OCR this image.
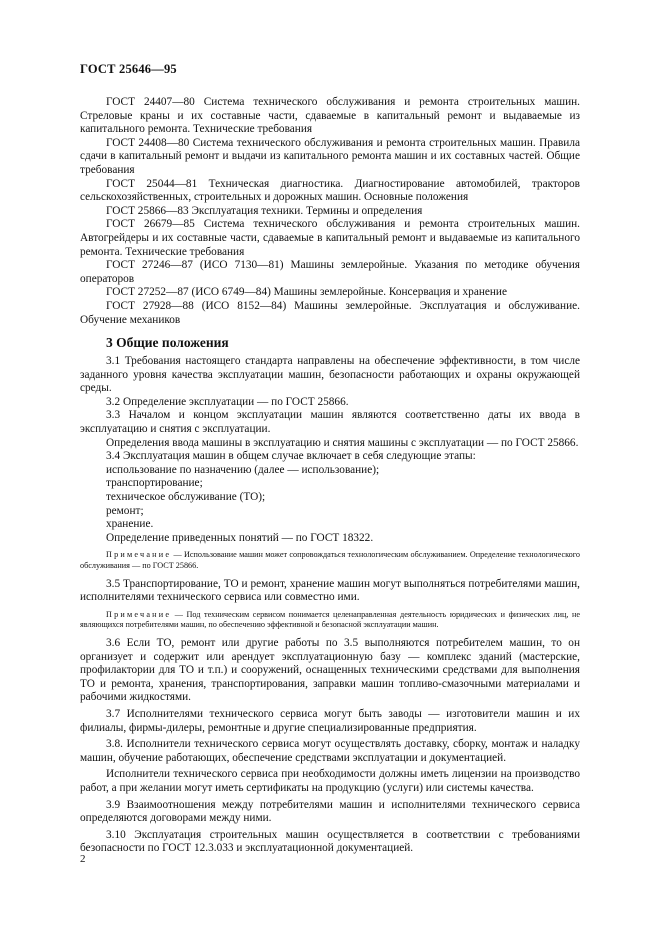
ГОСТ 25646—95

ГОСТ 24407—80 Система технического обслуживания и ремонта строительных машин. Стреловые краны и их составные части, сдаваемые в капитальный ремонт и выдаваемые из капитального ремонта. Технические требования

ГОСТ 24408—80 Система технического обслуживания и ремонта строительных машин. Правила сдачи в капитальный ремонт и выдачи из капитального ремонта машин и их составных частей. Общие требования

ГОСТ 25044—81 Техническая диагностика. Диагностирование автомобилей, тракторов сельскохозяйственных, строительных и дорожных машин. Основные положения

ГОСТ 25866—83 Эксплуатация техники. Термины и определения

ГОСТ 26679—85 Система технического обслуживания и ремонта строительных машин. Автогрейдеры и их составные части, сдаваемые в капитальный ремонт и выдаваемые из капитального ремонта. Технические требования

ГОСТ 27246—87 (ИСО 7130—81) Машины землеройные. Указания по методике обучения операторов

ГОСТ 27252—87 (ИСО 6749—84) Машины землеройные. Консервация и хранение

ГОСТ 27928—88 (ИСО 8152—84) Машины землеройные. Эксплуатация и обслуживание. Обучение механиков

3 Общие положения

3.1 Требования настоящего стандарта направлены на обеспечение эффективности, в том числе заданного уровня качества эксплуатации машин, безопасности работающих и охраны окружающей среды.

3.2 Определение эксплуатации — по ГОСТ 25866.

3.3 Началом и концом эксплуатации машин являются соответственно даты их ввода в эксплуатацию и снятия с эксплуатации.

Определения ввода машины в эксплуатацию и снятия машины с эксплуатации — по ГОСТ 25866.

3.4 Эксплуатация машин в общем случае включает в себя следующие этапы:

использование по назначению (далее — использование);

транспортирование;

техническое обслуживание (ТО);

ремонт;

хранение.

Определение приведенных понятий — по ГОСТ 18322.

Примечание — Использование машин может сопровождаться технологическим обслуживанием. Определение технологического обслуживания — по ГОСТ 25866.

3.5 Транспортирование, ТО и ремонт, хранение машин могут выполняться потребителями машин, исполнителями технического сервиса или совместно ими.

Примечание — Под техническим сервисом понимается целенаправленная деятельность юридических и физических лиц, не являющихся потребителями машин, по обеспечению эффективной и безопасной эксплуатации машин.

3.6 Если ТО, ремонт или другие работы по 3.5 выполняются потребителем машин, то он организует и содержит или арендует эксплуатационную базу — комплекс зданий (мастерские, профилактории для ТО и т.п.) и сооружений, оснащенных техническими средствами для выполнения ТО и ремонта, хранения, транспортирования, заправки машин топливо-смазочными материалами и рабочими жидкостями.

3.7 Исполнителями технического сервиса могут быть заводы — изготовители машин и их филиалы, фирмы-дилеры, ремонтные и другие специализированные предприятия.

3.8. Исполнители технического сервиса могут осуществлять доставку, сборку, монтаж и наладку машин, обучение работающих, обеспечение средствами эксплуатации и документацией.

Исполнители технического сервиса при необходимости должны иметь лицензии на производство работ, а при желании могут иметь сертификаты на продукцию (услуги) или системы качества.

3.9 Взаимоотношения между потребителями машин и исполнителями технического сервиса определяются договорами между ними.

3.10 Эксплуатация строительных машин осуществляется в соответствии с требованиями безопасности по ГОСТ 12.3.033 и эксплуатационной документацией.

2
